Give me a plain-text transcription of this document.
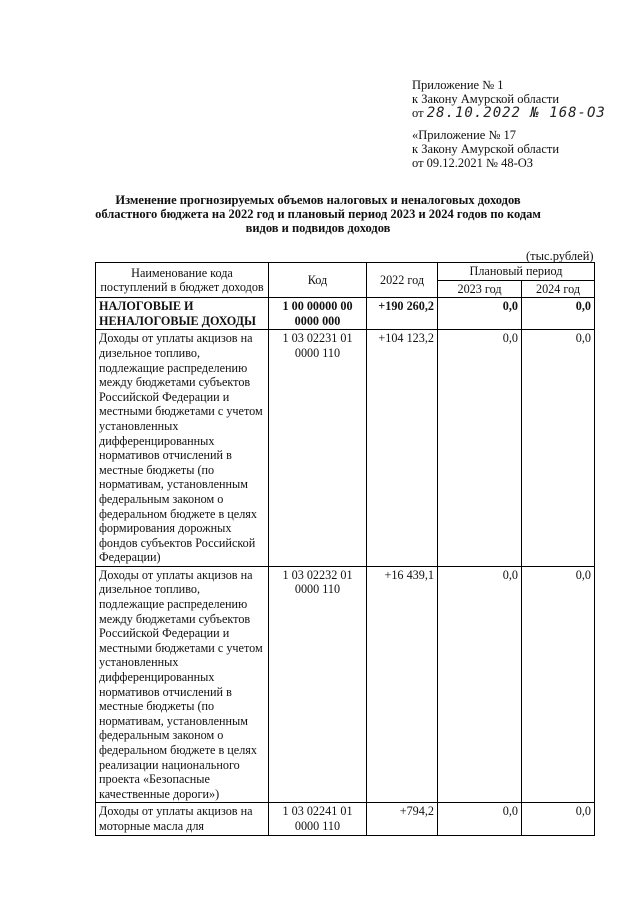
Приложение № 1
к Закону Амурской области
от 28.10.2022 № 168-ОЗ
«Приложение № 17
к Закону Амурской области
от 09.12.2021 № 48-ОЗ
Изменение прогнозируемых объемов налоговых и неналоговых доходов областного бюджета на 2022 год и плановый период 2023 и 2024 годов по кодам видов и подвидов доходов
(тыс.рублей)
Наименование кода поступлений в бюджет доходов	Код	2022 год	Плановый период	
			2023 год	2024 год
НАЛОГОВЫЕ И НЕНАЛОГОВЫЕ ДОХОДЫ	1 00 00000 00 0000 000	+190 260,2	0,0	0,0
Доходы от уплаты акцизов на дизельное топливо, подлежащие распределению между бюджетами субъектов Российской Федерации и местными бюджетами с учетом установленных дифференцированных нормативов отчислений в местные бюджеты (по нормативам, установленным федеральным законом о федеральном бюджете в целях формирования дорожных фондов субъектов Российской Федерации)	1 03 02231 01 0000 110	+104 123,2	0,0	0,0
Доходы от уплаты акцизов на дизельное топливо, подлежащие распределению между бюджетами субъектов Российской Федерации и местными бюджетами с учетом установленных дифференцированных нормативов отчислений в местные бюджеты (по нормативам, установленным федеральным законом о федеральном бюджете в целях реализации национального проекта «Безопасные качественные дороги»)	1 03 02232 01 0000 110	+16 439,1	0,0	0,0
Доходы от уплаты акцизов на моторные масла для	1 03 02241 01 0000 110	+794,2	0,0	0,0
